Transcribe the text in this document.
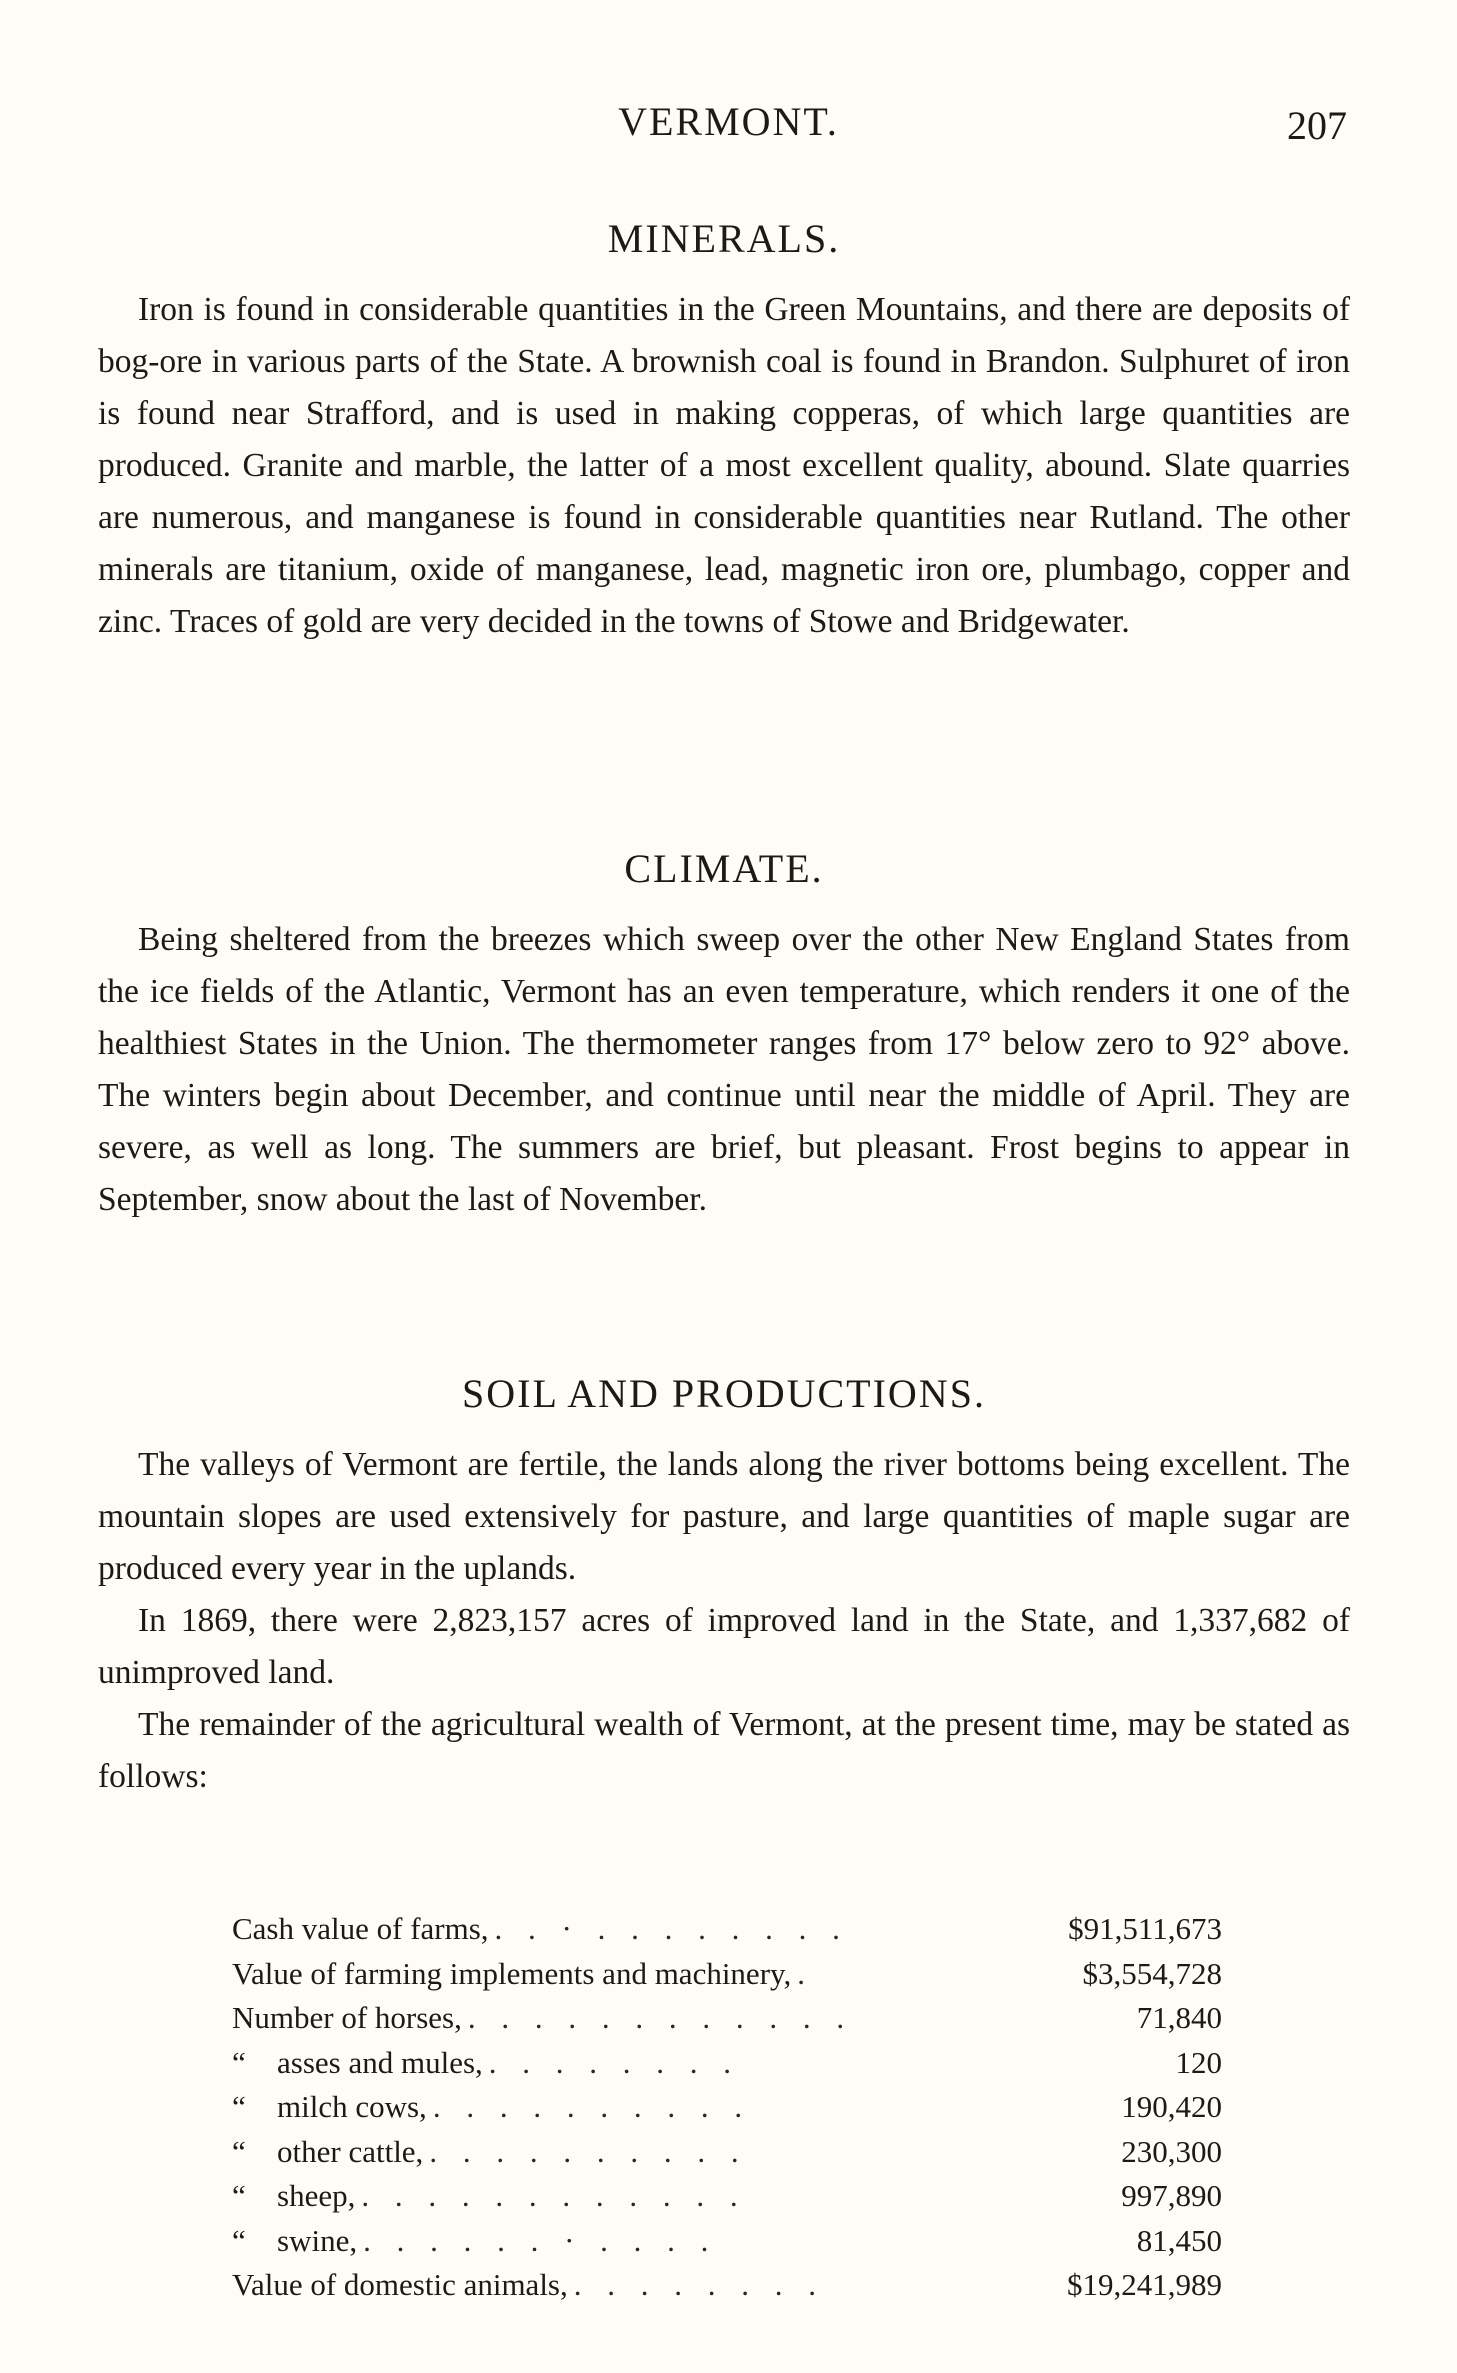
VERMONT.	207
MINERALS.

Iron is found in considerable quantities in the Green Mountains, and there are deposits of bog-ore in various parts of the State. A brownish coal is found in Brandon. Sulphuret of iron is found near Strafford, and is used in making copperas, of which large quantities are produced. Granite and marble, the latter of a most excellent quality, abound. Slate quarries are numerous, and manganese is found in considerable quantities near Rutland. The other minerals are titanium, oxide of manganese, lead, magnetic iron ore, plumbago, copper and zinc. Traces of gold are very decided in the towns of Stowe and Bridgewater.

CLIMATE.

Being sheltered from the breezes which sweep over the other New England States from the ice fields of the Atlantic, Vermont has an even temperature, which renders it one of the healthiest States in the Union. The thermometer ranges from 17° below zero to 92° above. The winters begin about December, and continue until near the middle of April. They are severe, as well as long. The summers are brief, but pleasant. Frost begins to appear in September, snow about the last of November.

SOIL AND PRODUCTIONS.

The valleys of Vermont are fertile, the lands along the river bottoms being excellent. The mountain slopes are used extensively for pasture, and large quantities of maple sugar are produced every year in the uplands.

In 1869, there were 2,823,157 acres of improved land in the State, and 1,337,682 of unimproved land.

The remainder of the agricultural wealth of Vermont, at the present time, may be stated as follows:

Cash value of farms, . . · . . . . . . . .	$91,511,673
Value of farming implements and machinery, .	$3,554,728
Number of horses, . . . . . . . . . . . .	71,840
“	asses and mules, . . . . . . . .	120
“	milch cows, . . . . . . . . . .	190,420
“	other cattle, . . . . . . . . . .	230,300
“	sheep, . . . . . . . . . . . .	997,890
“	swine, . . . . . . · . . . .	81,450
Value of domestic animals, . . . . . . . .	$19,241,989
